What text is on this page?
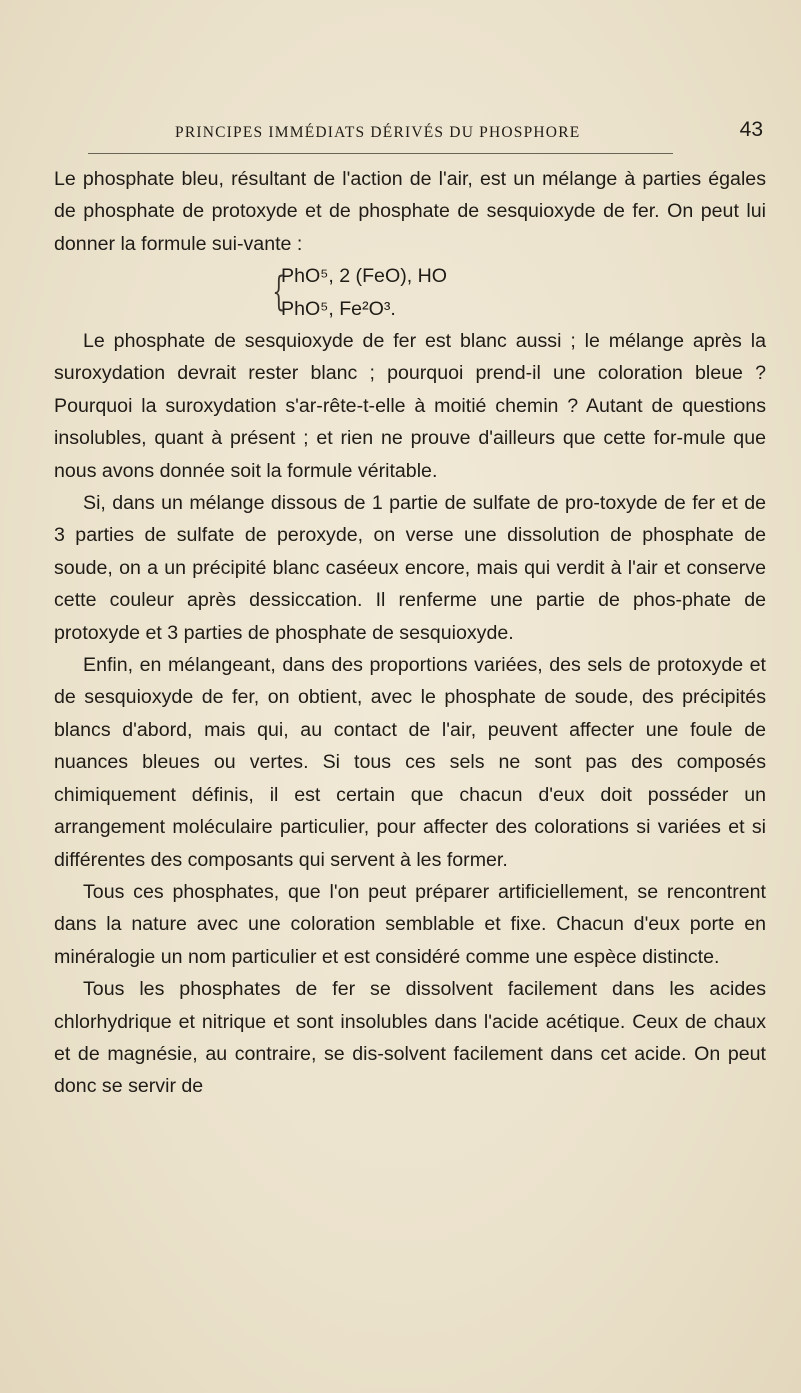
PRINCIPES IMMÉDIATS DÉRIVÉS DU PHOSPHORE	43

Le phosphate bleu, résultant de l'action de l'air, est un mélange à parties égales de phosphate de protoxyde et de phosphate de sesquioxyde de fer. On peut lui donner la formule sui-vante :

{
PhO⁵, 2 (FeO), HO
PhO⁵, Fe²O³.

Le phosphate de sesquioxyde de fer est blanc aussi ; le mélange après la suroxydation devrait rester blanc ; pourquoi prend-il une coloration bleue ? Pourquoi la suroxydation s'ar-rête-t-elle à moitié chemin ? Autant de questions insolubles, quant à présent ; et rien ne prouve d'ailleurs que cette for-mule que nous avons donnée soit la formule véritable.

Si, dans un mélange dissous de 1 partie de sulfate de pro-toxyde de fer et de 3 parties de sulfate de peroxyde, on verse une dissolution de phosphate de soude, on a un précipité blanc caséeux encore, mais qui verdit à l'air et conserve cette couleur après dessiccation. Il renferme une partie de phos-phate de protoxyde et 3 parties de phosphate de sesquioxyde.

Enfin, en mélangeant, dans des proportions variées, des sels de protoxyde et de sesquioxyde de fer, on obtient, avec le phosphate de soude, des précipités blancs d'abord, mais qui, au contact de l'air, peuvent affecter une foule de nuances bleues ou vertes. Si tous ces sels ne sont pas des composés chimiquement définis, il est certain que chacun d'eux doit posséder un arrangement moléculaire particulier, pour affecter des colorations si variées et si différentes des composants qui servent à les former.

Tous ces phosphates, que l'on peut préparer artificiellement, se rencontrent dans la nature avec une coloration semblable et fixe. Chacun d'eux porte en minéralogie un nom particulier et est considéré comme une espèce distincte.

Tous les phosphates de fer se dissolvent facilement dans les acides chlorhydrique et nitrique et sont insolubles dans l'acide acétique. Ceux de chaux et de magnésie, au contraire, se dis-solvent facilement dans cet acide. On peut donc se servir de
